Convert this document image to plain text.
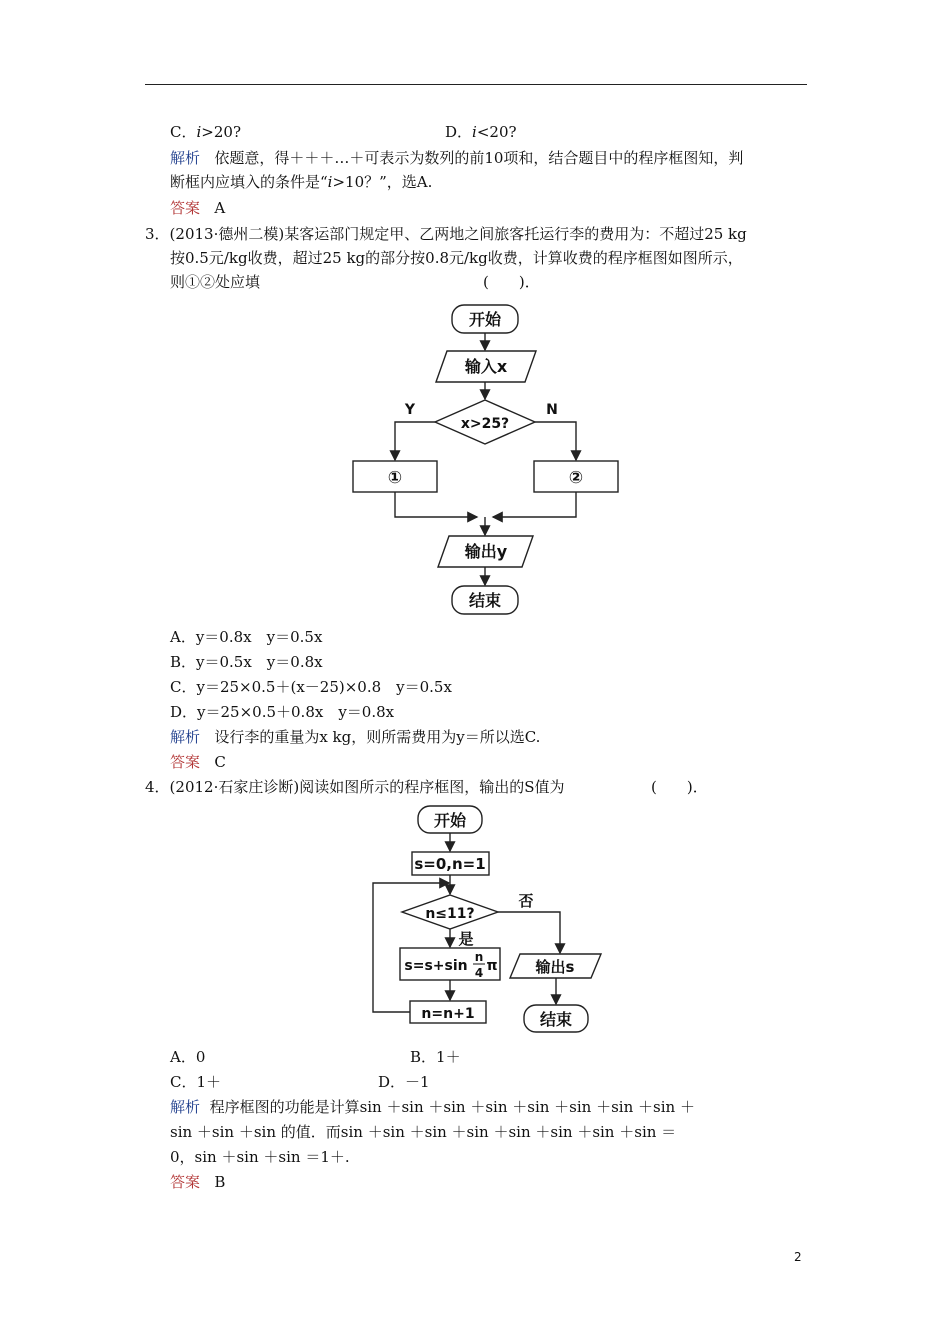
C．i>20?	D．i<20?
解析 依题意，得＋＋＋…＋可表示为数列的前10项和，结合题目中的程序框图知，判
断框内应填入的条件是“i>10？”，选A.
答案 A
3．(2013·德州二模)某客运部门规定甲、乙两地之间旅客托运行李的费用为：不超过25 kg
按0.5元/kg收费，超过25 kg的部分按0.8元/kg收费，计算收费的程序框图如图所示，
则①②处应填	(　　)．
开始
输入x
x>25?
Y	N
①	②
输出y
结束
开始
s=0,n=1
n≤11?
否
是
s=s+sin
n
4 π
n=n+1
输出s
结束
A．y＝0.8x　y＝0.5x
B．y＝0.5x　y＝0.8x
C．y＝25×0.5＋(x－25)×0.8　y＝0.5x
D．y＝25×0.5＋0.8x　y＝0.8x
解析 设行李的重量为x kg，则所需费用为y＝所以选C.
答案 C
4．(2012·石家庄诊断)阅读如图所示的程序框图，输出的S值为	(　　)．
A．0	B．1＋
C．1＋	D．－1
解析 程序框图的功能是计算sin ＋sin ＋sin ＋sin ＋sin ＋sin ＋sin ＋sin ＋
sin ＋sin ＋sin 的值．而sin ＋sin ＋sin ＋sin ＋sin ＋sin ＋sin ＋sin ＝
0，sin ＋sin ＋sin ＝1＋.
答案 B
2
